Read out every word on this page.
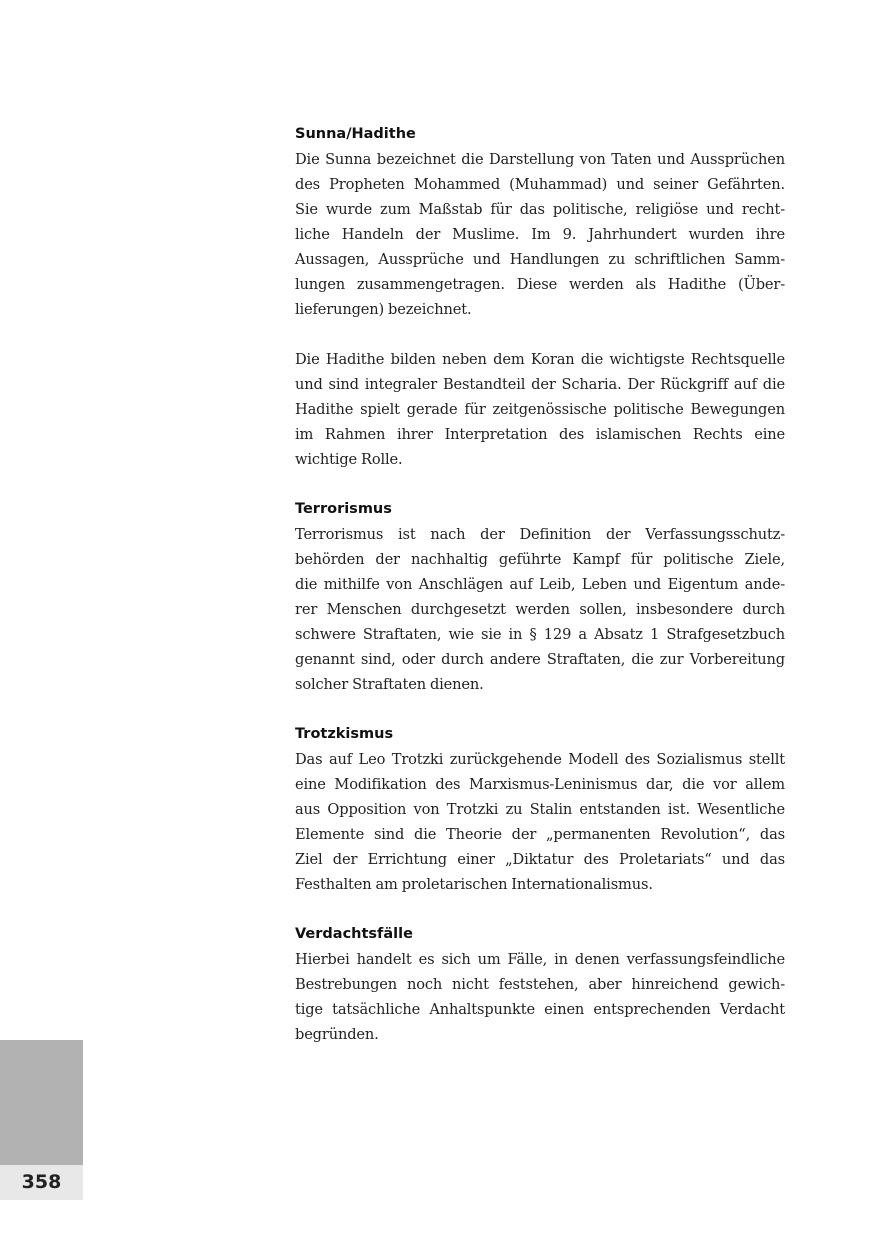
Sunna/Hadithe

Die Sunna bezeichnet die Darstellung von Taten und Aussprüchen
des Propheten Mohammed (Muhammad) und seiner Gefährten.
Sie wurde zum Maßstab für das politische, religiöse und recht-
liche Handeln der Muslime. Im 9. Jahrhundert wurden ihre
Aussagen, Aussprüche und Handlungen zu schriftlichen Samm-
lungen zusammengetragen. Diese werden als Hadithe (Über-
lieferungen) bezeichnet.

Die Hadithe bilden neben dem Koran die wichtigste Rechtsquelle
und sind integraler Bestandteil der Scharia. Der Rückgriff auf die
Hadithe spielt gerade für zeitgenössische politische Bewegungen
im Rahmen ihrer Interpretation des islamischen Rechts eine
wichtige Rolle.

Terrorismus

Terrorismus ist nach der Definition der Verfassungsschutz-
behörden der nachhaltig geführte Kampf für politische Ziele,
die mithilfe von Anschlägen auf Leib, Leben und Eigentum ande-
rer Menschen durchgesetzt werden sollen, insbesondere durch
schwere Straftaten, wie sie in § 129 a Absatz 1 Strafgesetzbuch
genannt sind, oder durch andere Straftaten, die zur Vorbereitung
solcher Straftaten dienen.

Trotzkismus

Das auf Leo Trotzki zurückgehende Modell des Sozialismus stellt
eine Modifikation des Marxismus-Leninismus dar, die vor allem
aus Opposition von Trotzki zu Stalin entstanden ist. Wesentliche
Elemente sind die Theorie der „permanenten Revolution“, das
Ziel der Errichtung einer „Diktatur des Proletariats“ und das
Festhalten am proletarischen Internationalismus.

Verdachtsfälle

Hierbei handelt es sich um Fälle, in denen verfassungsfeindliche
Bestrebungen noch nicht feststehen, aber hinreichend gewich-
tige tatsächliche Anhaltspunkte einen entsprechenden Verdacht
begründen.

358
